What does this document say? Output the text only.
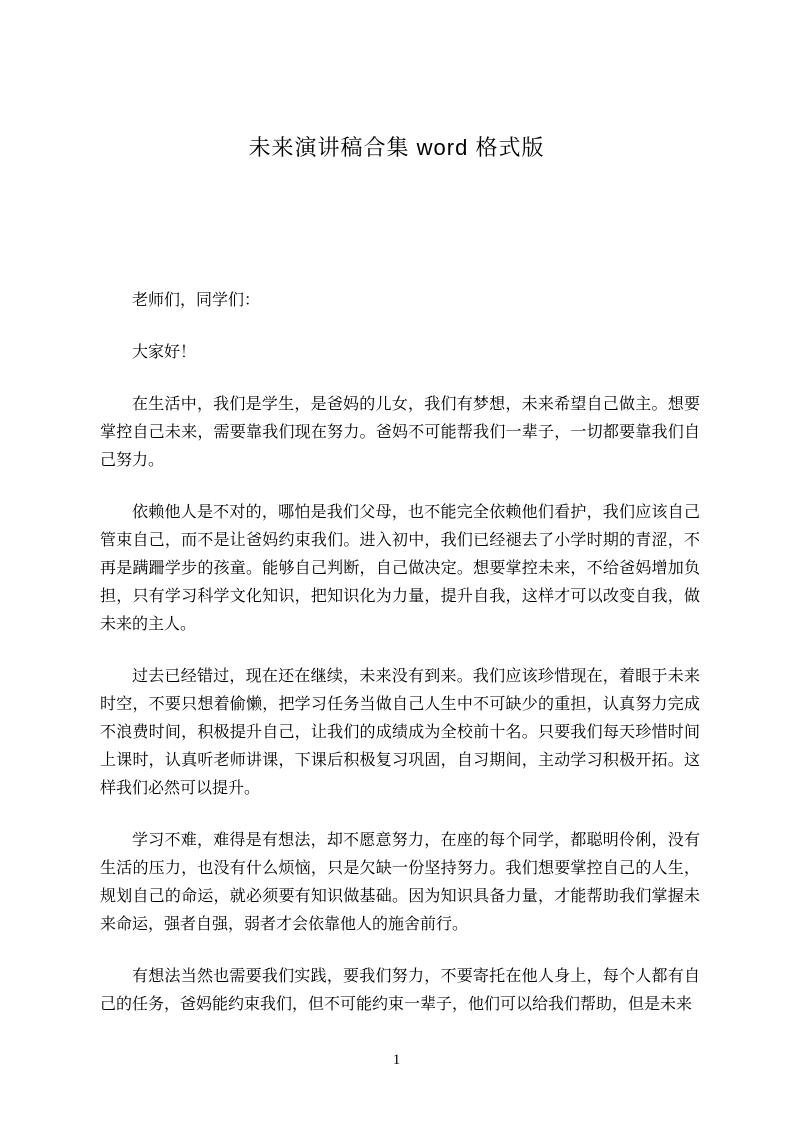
未来演讲稿合集 word 格式版

老师们，同学们：

大家好！

在生活中，我们是学生，是爸妈的儿女，我们有梦想，未来希望自己做主。想要掌控自己未来，需要靠我们现在努力。爸妈不可能帮我们一辈子，一切都要靠我们自己努力。

依赖他人是不对的，哪怕是我们父母，也不能完全依赖他们看护，我们应该自己管束自己，而不是让爸妈约束我们。进入初中，我们已经褪去了小学时期的青涩，不再是蹒跚学步的孩童。能够自己判断，自己做决定。想要掌控未来，不给爸妈增加负担，只有学习科学文化知识，把知识化为力量，提升自我，这样才可以改变自我，做未来的主人。

过去已经错过，现在还在继续，未来没有到来。我们应该珍惜现在，着眼于未来时空，不要只想着偷懒，把学习任务当做自己人生中不可缺少的重担，认真努力完成不浪费时间，积极提升自己，让我们的成绩成为全校前十名。只要我们每天珍惜时间上课时，认真听老师讲课，下课后积极复习巩固，自习期间，主动学习积极开拓。这样我们必然可以提升。

学习不难，难得是有想法，却不愿意努力，在座的每个同学，都聪明伶俐，没有生活的压力，也没有什么烦恼，只是欠缺一份坚持努力。我们想要掌控自己的人生，规划自己的命运，就必须要有知识做基础。因为知识具备力量，才能帮助我们掌握未来命运，强者自强，弱者才会依靠他人的施舍前行。

有想法当然也需要我们实践，要我们努力，不要寄托在他人身上，每个人都有自己的任务，爸妈能约束我们，但不可能约束一辈子，他们可以给我们帮助，但是未来

1
